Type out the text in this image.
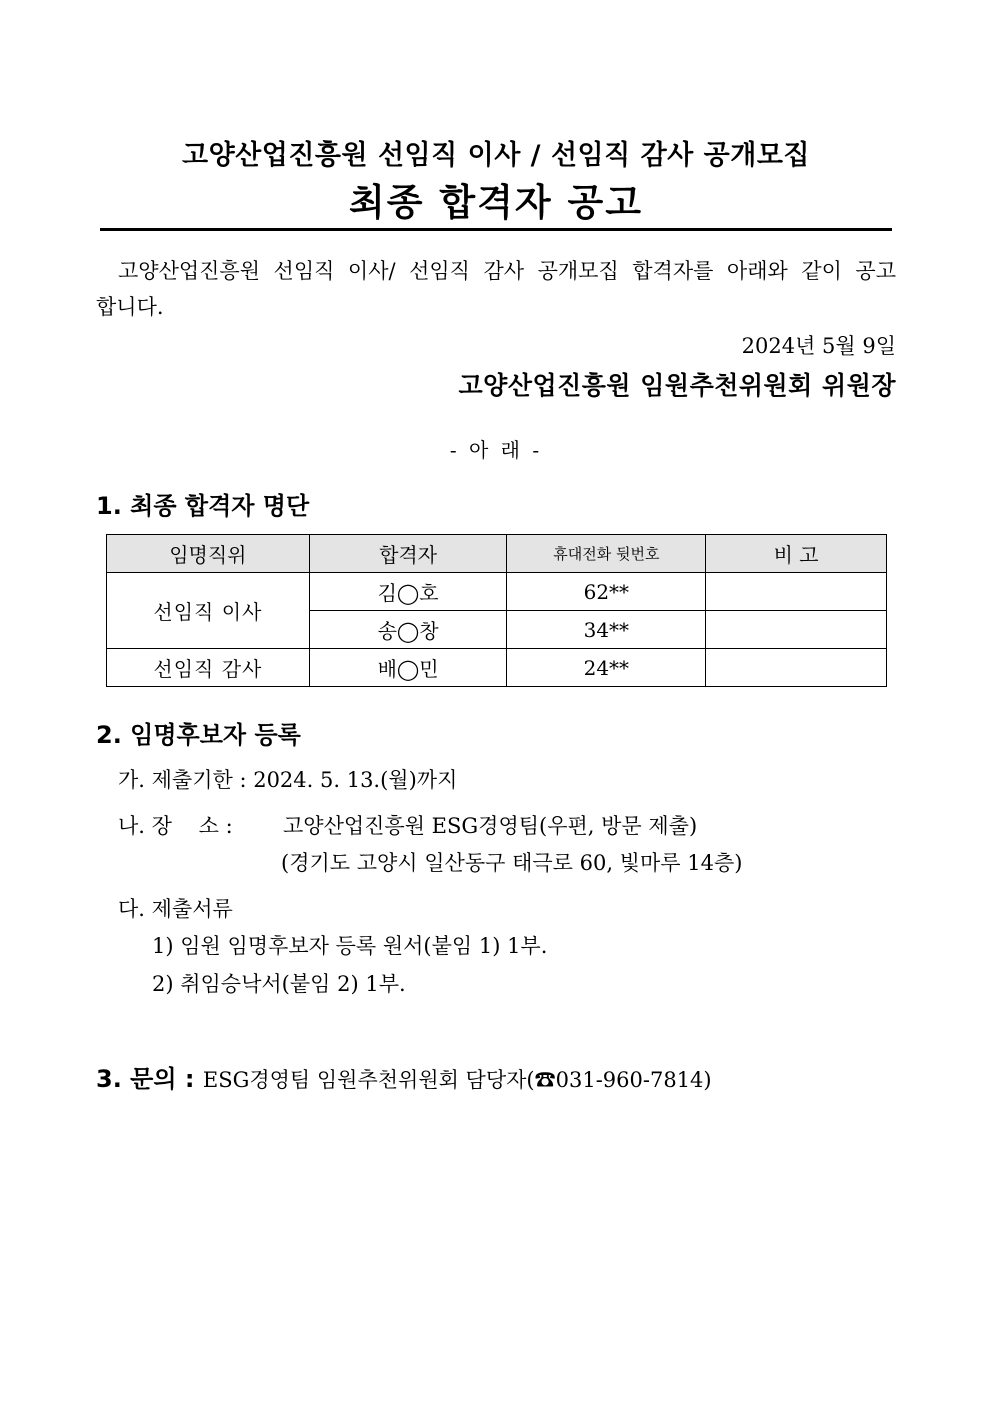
고양산업진흥원 선임직 이사 / 선임직 감사 공개모집
최종 합격자 공고
고양산업진흥원 선임직 이사/ 선임직 감사 공개모집 합격자를 아래와 같이 공고합니다.
2024년 5월 9일
고양산업진흥원 임원추천위원회 위원장
- 아 래 -
1. 최종 합격자 명단
임명직위	합격자	휴대전화 뒷번호	비 고
선임직 이사	김◯호	62**	
	송◯창	34**	
선임직 감사	배◯민	24**	
2. 임명후보자 등록
가. 제출기한 : 2024. 5. 13.(월)까지
나. 장    소 : 고양산업진흥원 ESG경영팀(우편, 방문 제출)
(경기도 고양시 일산동구 태극로 60, 빛마루 14층)
다. 제출서류
1) 임원 임명후보자 등록 원서(붙임 1) 1부.
2) 취임승낙서(붙임 2) 1부.
3. 문의 : ESG경영팀 임원추천위원회 담당자(☎031-960-7814)
